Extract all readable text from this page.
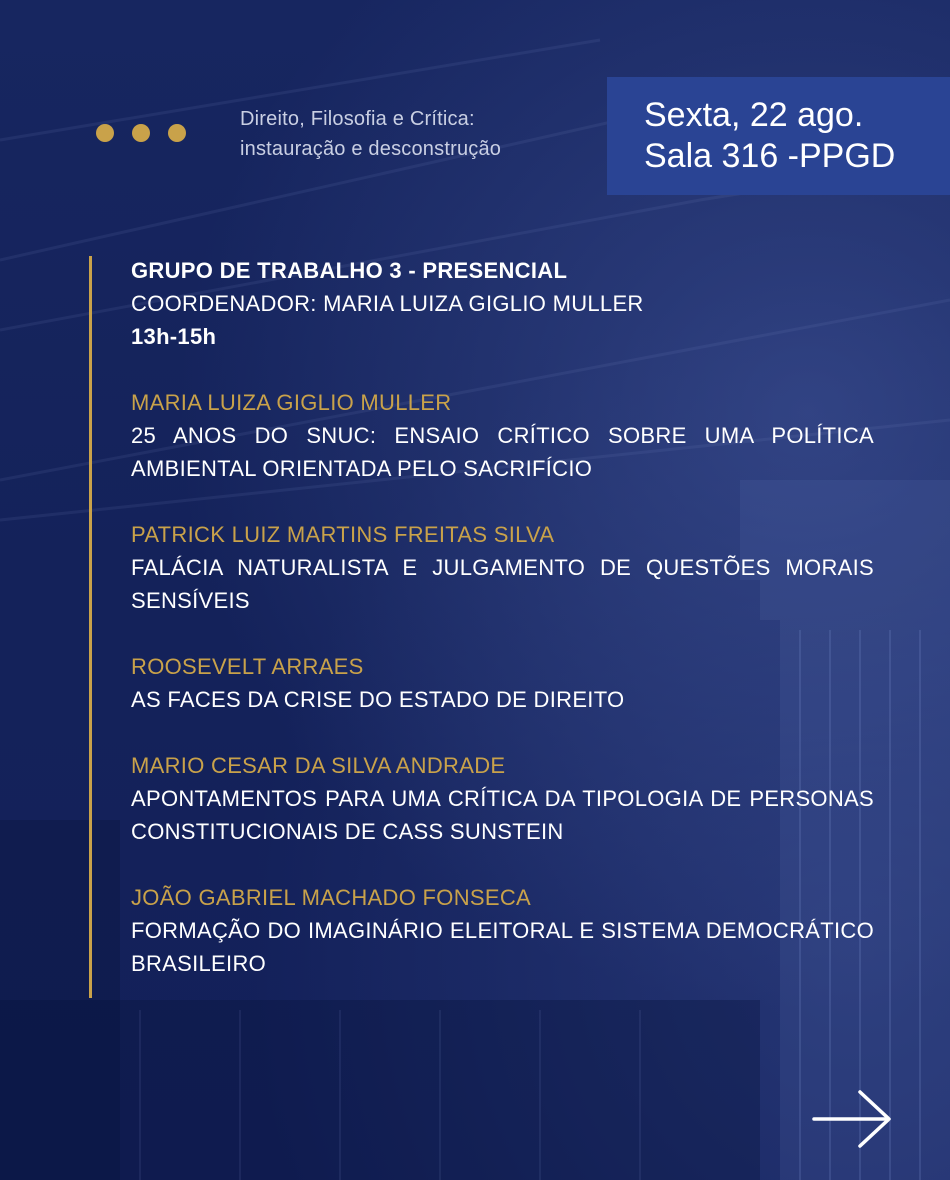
Direito, Filosofia e Crítica:
instauração e desconstrução
Sexta, 22 ago.
Sala 316 -PPGD
GRUPO DE TRABALHO 3 - PRESENCIAL
COORDENADOR: MARIA LUIZA GIGLIO MULLER
13h-15h
MARIA LUIZA GIGLIO MULLER
25 ANOS DO SNUC: ENSAIO CRÍTICO SOBRE UMA POLÍTICA AMBIENTAL ORIENTADA PELO SACRIFÍCIO
PATRICK LUIZ MARTINS FREITAS SILVA
FALÁCIA NATURALISTA E JULGAMENTO DE QUESTÕES MORAIS SENSÍVEIS
ROOSEVELT ARRAES
AS FACES DA CRISE DO ESTADO DE DIREITO
MARIO CESAR DA SILVA ANDRADE
APONTAMENTOS PARA UMA CRÍTICA DA TIPOLOGIA DE PERSONAS CONSTITUCIONAIS DE CASS SUNSTEIN
JOÃO GABRIEL MACHADO FONSECA
FORMAÇÃO DO IMAGINÁRIO ELEITORAL E SISTEMA DEMOCRÁTICO BRASILEIRO
